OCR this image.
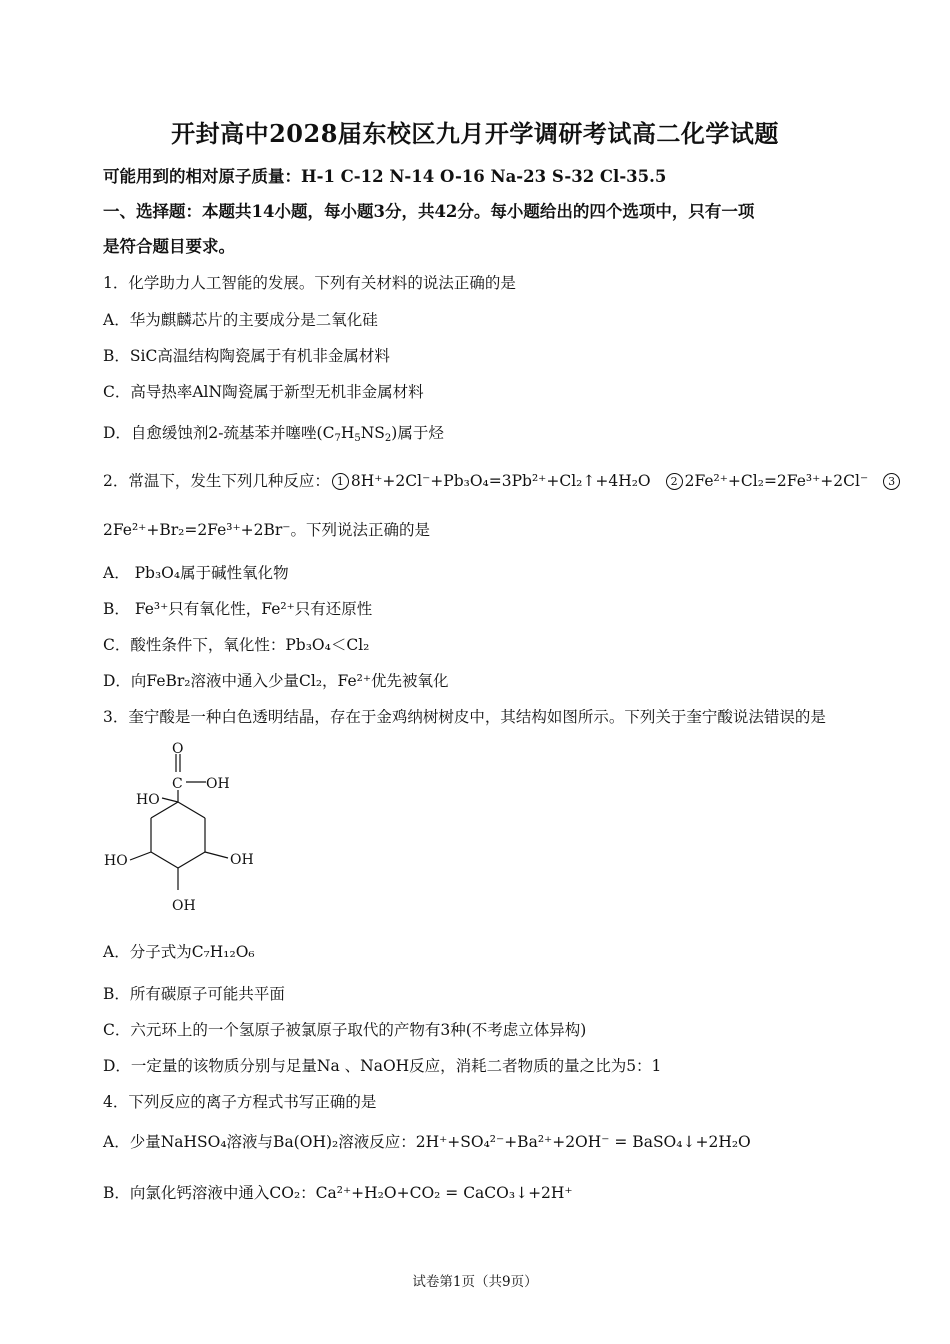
开封高中2028届东校区九月开学调研考试高二化学试题
可能用到的相对原子质量：H-1 C-12 N-14 O-16 Na-23 S-32 Cl-35.5
一、选择题：本题共14小题，每小题3分，共42分。每小题给出的四个选项中，只有一项
是符合题目要求。
1．化学助力人工智能的发展。下列有关材料的说法正确的是
A．华为麒麟芯片的主要成分是二氧化硅
B．SiC高温结构陶瓷属于有机非金属材料
C．高导热率AlN陶瓷属于新型无机非金属材料
D．自愈缓蚀剂2-巯基苯并噻唑$(C_7H_5NS_2)$属于烃
2．常温下，发生下列几种反应： 1 8H⁺+2Cl⁻+Pb₃O₄=3Pb²⁺+Cl₂↑+4H₂O 2 2Fe²⁺+Cl₂=2Fe³⁺+2Cl⁻ 3
2Fe²⁺+Br₂=2Fe³⁺+2Br⁻。下列说法正确的是
A． Pb₃O₄属于碱性氧化物
B． Fe³⁺只有氧化性，Fe²⁺只有还原性
C．酸性条件下，氧化性：Pb₃O₄＜Cl₂
D．向FeBr₂溶液中通入少量Cl₂，Fe²⁺优先被氧化
3．奎宁酸是一种白色透明结晶，存在于金鸡纳树树皮中，其结构如图所示。下列关于奎宁酸说法错误的是
O
C OH
HO
HO	OH
OH
A．分子式为C₇H₁₂O₆
B．所有碳原子可能共平面
C．六元环上的一个氢原子被氯原子取代的产物有3种(不考虑立体异构)
D．一定量的该物质分别与足量Na 、NaOH反应，消耗二者物质的量之比为5：1
4．下列反应的离子方程式书写正确的是
A．少量NaHSO₄溶液与Ba(OH)₂溶液反应：2H⁺+SO₄²⁻+Ba²⁺+2OH⁻ = BaSO₄↓+2H₂O
B．向氯化钙溶液中通入CO₂：Ca²⁺+H₂O+CO₂ = CaCO₃↓+2H⁺
试卷第1页（共9页）
